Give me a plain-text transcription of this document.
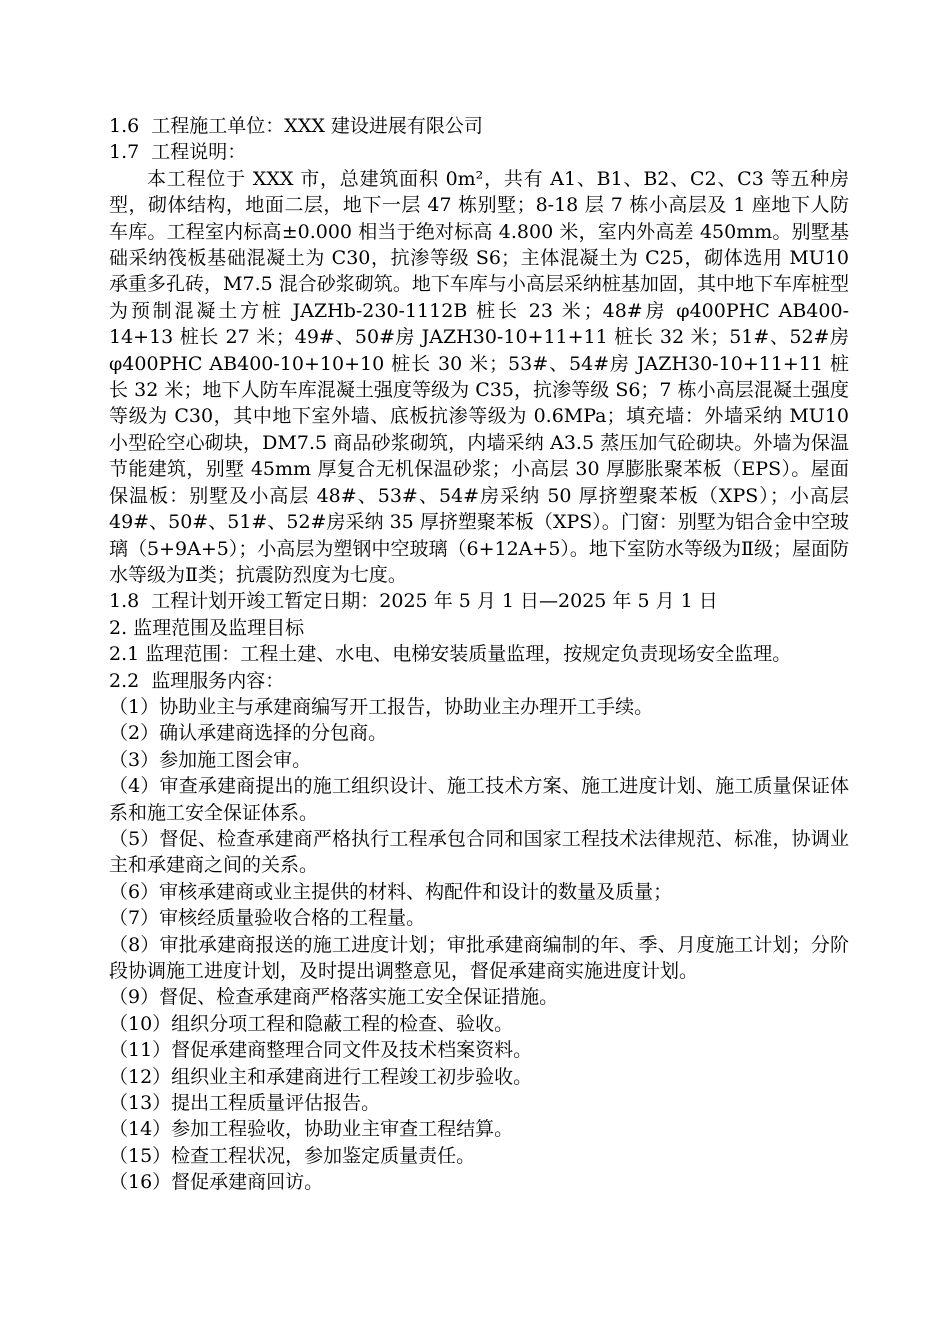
1.6  工程施工单位：XXX 建设进展有限公司

1.7  工程说明：

本工程位于 XXX 市，总建筑面积 0m²，共有 A1、B1、B2、C2、C3 等五种房型，砌体结构，地面二层，地下一层 47 栋别墅；8-18 层 7 栋小高层及 1 座地下人防车库。工程室内标高±0.000 相当于绝对标高 4.800 米，室内外高差 450mm。别墅基础采纳筏板基础混凝土为 C30，抗渗等级 S6；主体混凝土为 C25，砌体选用 MU10 承重多孔砖，M7.5 混合砂浆砌筑。地下车库与小高层采纳桩基加固，其中地下车库桩型为预制混凝土方桩 JAZHb-230-1112B 桩长 23 米；48#房 φ400PHC AB400-14+13 桩长 27 米；49#、50#房 JAZH30-10+11+11 桩长 32 米；51#、52#房 φ400PHC AB400-10+10+10 桩长 30 米；53#、54#房 JAZH30-10+11+11 桩长 32 米；地下人防车库混凝土强度等级为 C35，抗渗等级 S6；7 栋小高层混凝土强度等级为 C30，其中地下室外墙、底板抗渗等级为 0.6MPa；填充墙：外墙采纳 MU10 小型砼空心砌块，DM7.5 商品砂浆砌筑，内墙采纳 A3.5 蒸压加气砼砌块。外墙为保温节能建筑，别墅 45mm 厚复合无机保温砂浆；小高层 30 厚膨胀聚苯板（EPS）。屋面保温板：别墅及小高层 48#、53#、54#房采纳 50 厚挤塑聚苯板（XPS）；小高层 49#、50#、51#、52#房采纳 35 厚挤塑聚苯板（XPS）。门窗：别墅为铝合金中空玻璃（5+9A+5）；小高层为塑钢中空玻璃（6+12A+5）。地下室防水等级为Ⅱ级；屋面防水等级为Ⅱ类；抗震防烈度为七度。

1.8  工程计划开竣工暂定日期：2025 年 5 月 1 日—2025 年 5 月 1 日

2. 监理范围及监理目标

2.1 监理范围：工程土建、水电、电梯安装质量监理，按规定负责现场安全监理。

2.2  监理服务内容：

（1）协助业主与承建商编写开工报告，协助业主办理开工手续。

（2）确认承建商选择的分包商。

（3）参加施工图会审。

（4）审查承建商提出的施工组织设计、施工技术方案、施工进度计划、施工质量保证体系和施工安全保证体系。

（5）督促、检查承建商严格执行工程承包合同和国家工程技术法律规范、标准，协调业主和承建商之间的关系。

（6）审核承建商或业主提供的材料、构配件和设计的数量及质量；

（7）审核经质量验收合格的工程量。

（8）审批承建商报送的施工进度计划；审批承建商编制的年、季、月度施工计划；分阶段协调施工进度计划，及时提出调整意见，督促承建商实施进度计划。

（9）督促、检查承建商严格落实施工安全保证措施。

（10）组织分项工程和隐蔽工程的检查、验收。

（11）督促承建商整理合同文件及技术档案资料。

（12）组织业主和承建商进行工程竣工初步验收。

（13）提出工程质量评估报告。

（14）参加工程验收，协助业主审查工程结算。

（15）检查工程状况，参加鉴定质量责任。

（16）督促承建商回访。
